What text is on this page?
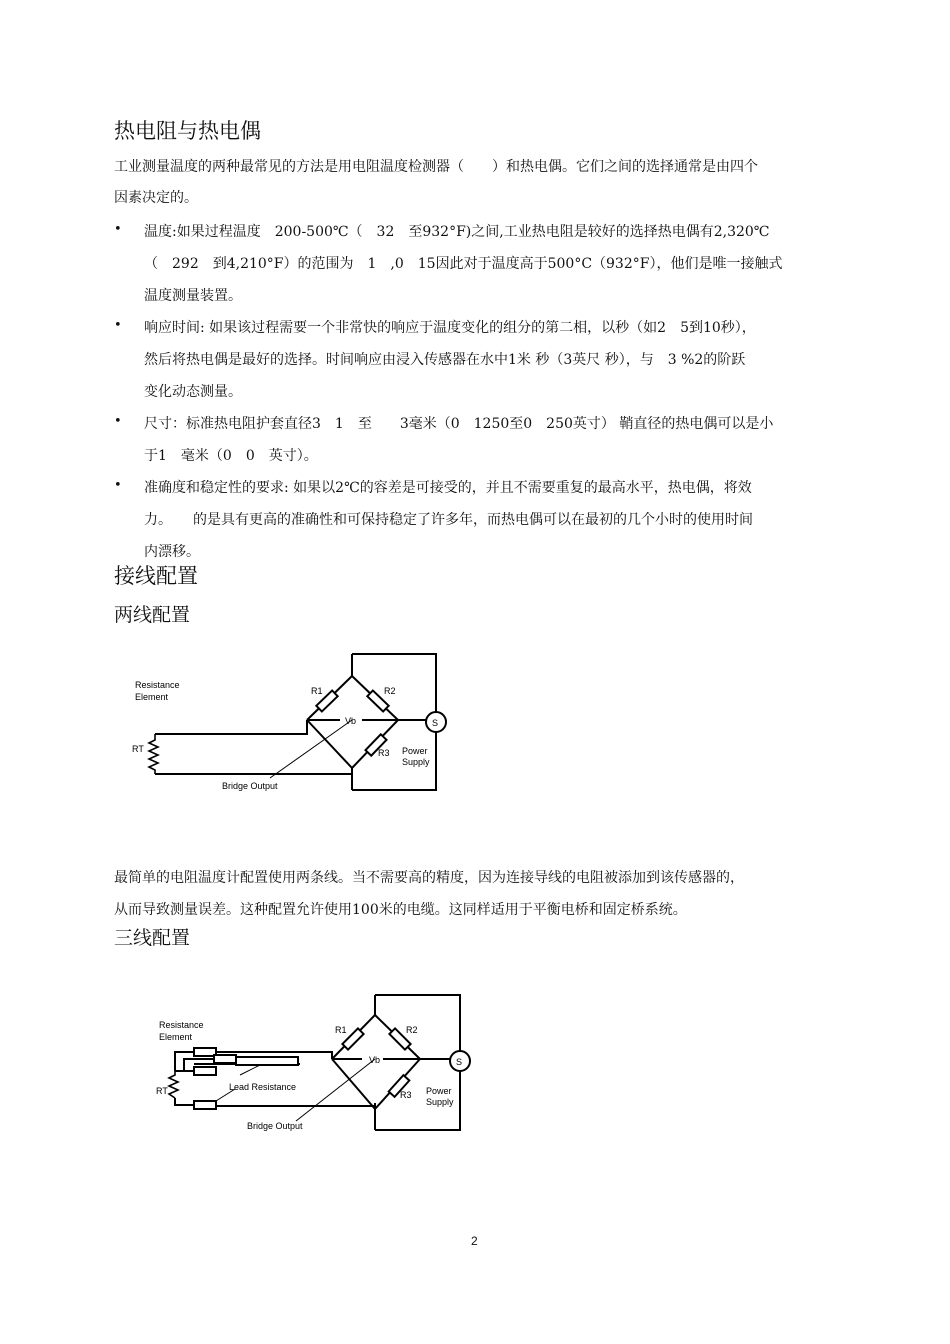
热电阻与热电偶
工业测量温度的两种最常见的方法是用电阻温度检测器（　　）和热电偶。它们之间的选择通常是由四个
因素决定的。
• 温度:如果过程温度　200-500℃（　32　至932°F)之间,工业热电阻是较好的选择热电偶有2,320℃
（　292　到4,210°F）的范围为　1　,0　15因此对于温度高于500°C（932°F），他们是唯一接触式
温度测量装置。
• 响应时间: 如果该过程需要一个非常快的响应于温度变化的组分的第二相，以秒（如2　5到10秒），
然后将热电偶是最好的选择。时间响应由浸入传感器在水中1米 秒（3英尺 秒），与　3 %2的阶跃
变化动态测量。
• 尺寸：标准热电阻护套直径3　1　至　　3毫米（0　1250至0　250英寸） 鞘直径的热电偶可以是小
于1　毫米（0　0　英寸）。
• 准确度和稳定性的要求: 如果以2℃的容差是可接受的，并且不需要重复的最高水平，热电偶，将效
力。　　的是具有更高的准确性和可保持稳定了许多年，而热电偶可以在最初的几个小时的使用时间
内漂移。
接线配置
两线配置
Resistance
Element
RT
R1	R2
R3
Vb	S
Power
Supply
Bridge Output
最简单的电阻温度计配置使用两条线。当不需要高的精度，因为连接导线的电阻被添加到该传感器的，
从而导致测量误差。这种配置允许使用100米的电缆。这同样适用于平衡电桥和固定桥系统。
三线配置
Resistance
Element
RT
R1	R2
R3
Vb	S
Power
Supply
Lead Resistance
Bridge Output
2
